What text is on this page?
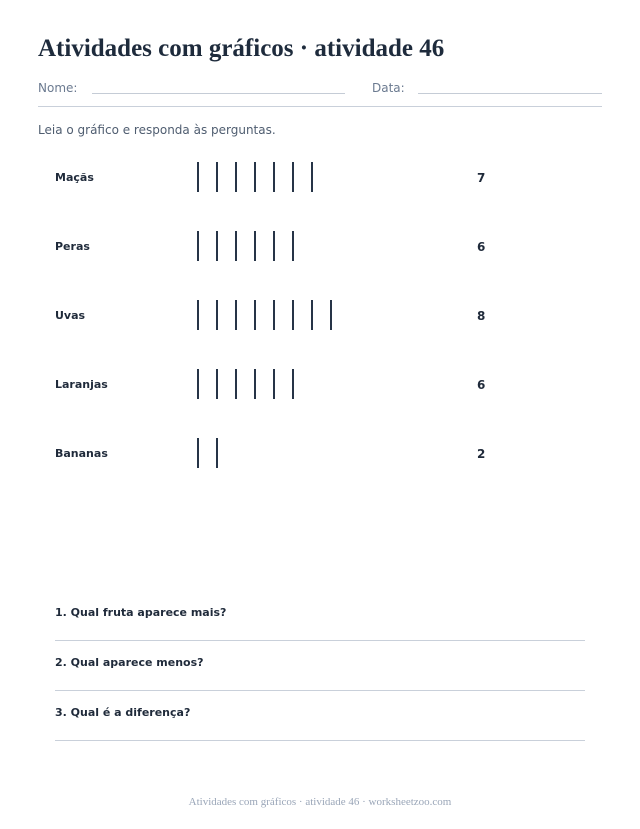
Atividades com gráficos · atividade 46
Nome:	Data:
Leia o gráfico e responda às perguntas.
Maçãs	7
Peras	6
Uvas	8
Laranjas	6
Bananas	2
1. Qual fruta aparece mais?
2. Qual aparece menos?
3. Qual é a diferença?
Atividades com gráficos · atividade 46 · worksheetzoo.com
